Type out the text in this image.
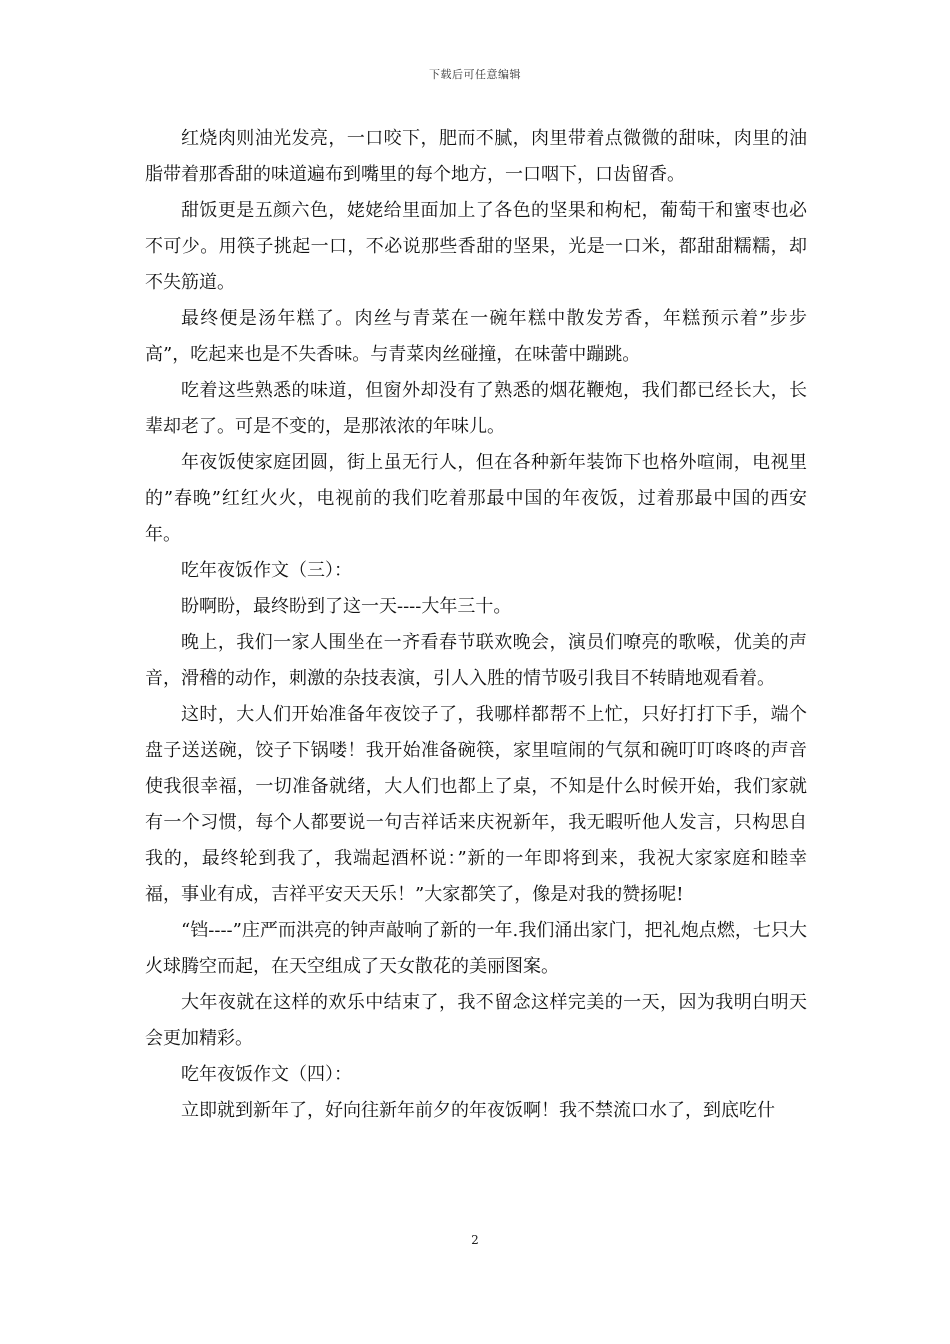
下载后可任意编辑

红烧肉则油光发亮，一口咬下，肥而不腻，肉里带着点微微的甜味，肉里的油脂带着那香甜的味道遍布到嘴里的每个地方，一口咽下，口齿留香。

甜饭更是五颜六色，姥姥给里面加上了各色的坚果和枸杞，葡萄干和蜜枣也必不可少。用筷子挑起一口，不必说那些香甜的坚果，光是一口米，都甜甜糯糯，却不失筋道。

最终便是汤年糕了。肉丝与青菜在一碗年糕中散发芳香，年糕预示着”步步高”，吃起来也是不失香味。与青菜肉丝碰撞，在味蕾中蹦跳。

吃着这些熟悉的味道，但窗外却没有了熟悉的烟花鞭炮，我们都已经长大，长辈却老了。可是不变的，是那浓浓的年味儿。

年夜饭使家庭团圆，街上虽无行人，但在各种新年装饰下也格外喧闹，电视里的”春晚”红红火火，电视前的我们吃着那最中国的年夜饭，过着那最中国的西安年。

吃年夜饭作文（三）：

盼啊盼，最终盼到了这一天----大年三十。

晚上，我们一家人围坐在一齐看春节联欢晚会，演员们嘹亮的歌喉，优美的声音，滑稽的动作，刺激的杂技表演，引人入胜的情节吸引我目不转睛地观看着。

这时，大人们开始准备年夜饺子了，我哪样都帮不上忙，只好打打下手，端个盘子送送碗，饺子下锅喽！我开始准备碗筷，家里喧闹的气氛和碗叮叮咚咚的声音使我很幸福，一切准备就绪，大人们也都上了桌，不知是什么时候开始，我们家就有一个习惯，每个人都要说一句吉祥话来庆祝新年，我无暇听他人发言，只构思自我的，最终轮到我了，我端起酒杯说：”新的一年即将到来，我祝大家家庭和睦幸福，事业有成，吉祥平安天天乐！”大家都笑了，像是对我的赞扬呢!

“铛----”庄严而洪亮的钟声敲响了新的一年.我们涌出家门，把礼炮点燃，七只大火球腾空而起，在天空组成了天女散花的美丽图案。

大年夜就在这样的欢乐中结束了，我不留念这样完美的一天，因为我明白明天会更加精彩。

吃年夜饭作文（四）：

立即就到新年了，好向往新年前夕的年夜饭啊！我不禁流口水了，到底吃什

2
